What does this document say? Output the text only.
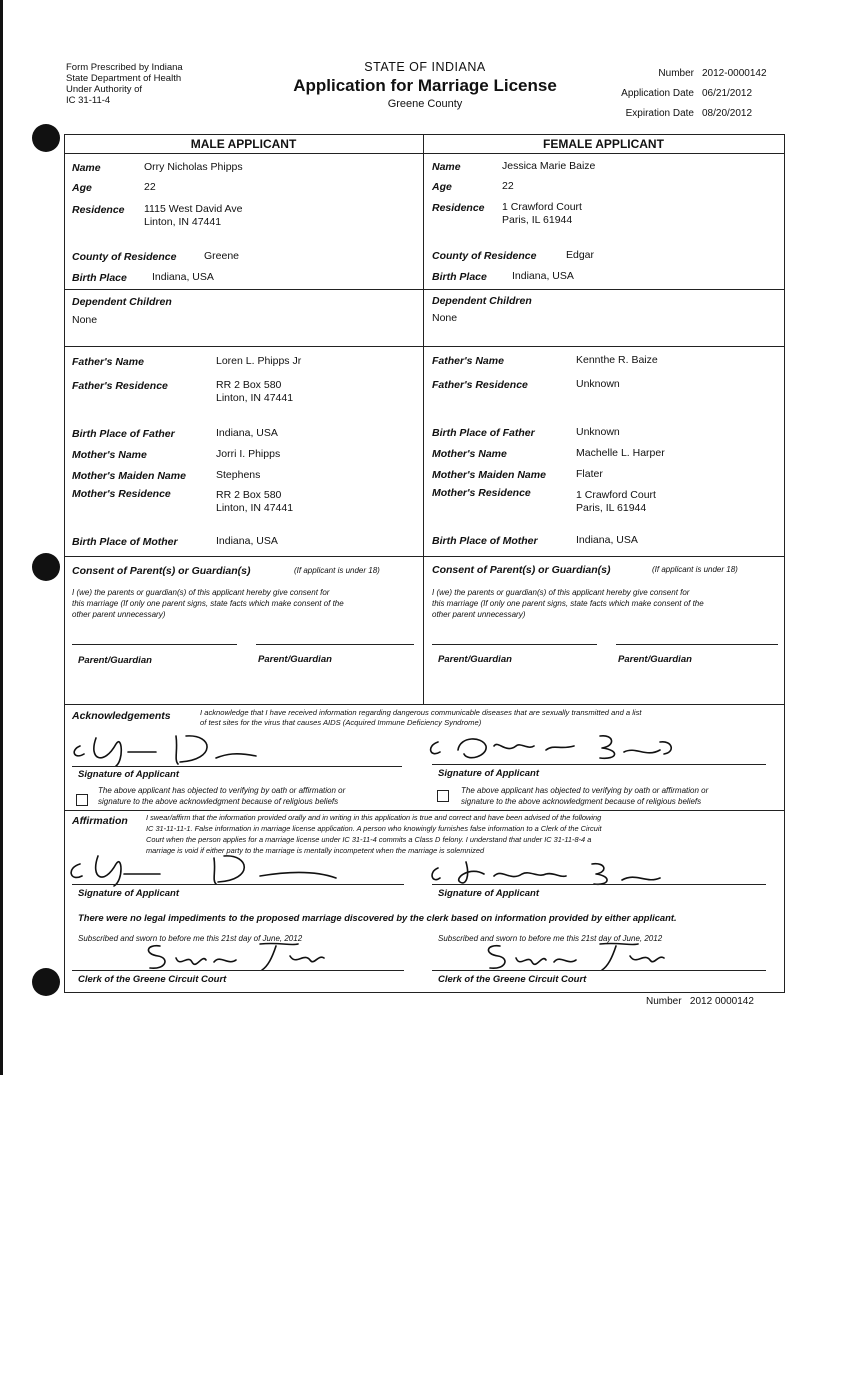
Form Prescribed by Indiana
State Department of Health
Under Authority of
IC 31-11-4
STATE OF INDIANA
Application for Marriage License
Greene County
Number 2012-0000142
Application Date 06/21/2012
Expiration Date 08/20/2012
MALE APPLICANT	FEMALE APPLICANT
Name	Orry Nicholas Phipps
Age	22
Residence 1115 West David Ave
Linton, IN 47441
County of Residence	Greene
Birth Place Indiana, USA
Dependent Children
None
Father's Name	Loren L. Phipps Jr
Father's Residence	RR 2 Box 580
Linton, IN 47441
Birth Place of Father	Indiana, USA
Mother's Name	Jorri I. Phipps
Mother's Maiden Name	Stephens
Mother's Residence	RR 2 Box 580
Linton, IN 47441
Birth Place of Mother	Indiana, USA
Name	Jessica Marie Baize
Age	22
Residence 1 Crawford Court
Paris, IL 61944
County of Residence	Edgar
Birth Place Indiana, USA
Dependent Children
None
Father's Name	Kennthe R. Baize
Father's Residence	Unknown
Birth Place of Father	Unknown
Mother's Name	Machelle L. Harper
Mother's Maiden Name	Flater
Mother's Residence	1 Crawford Court
Paris, IL 61944
Birth Place of Mother	Indiana, USA
Consent of Parent(s) or Guardian(s)	(If applicant is under 18)
I (we) the parents or guardian(s) of this applicant hereby give consent for
this marriage (If only one parent signs, state facts which make consent of the
other parent unnecessary)
Parent/Guardian	Parent/Guardian
Consent of Parent(s) or Guardian(s)	(If applicant is under 18)
I (we) the parents or guardian(s) of this applicant hereby give consent for
this marriage (If only one parent signs, state facts which make consent of the
other parent unnecessary)
Parent/Guardian	Parent/Guardian
Acknowledgements	I acknowledge that I have received information regarding dangerous communicable diseases that are sexually transmitted and a list
of test sites for the virus that causes AIDS (Acquired Immune Deficiency Syndrome)
Signature of Applicant	Signature of Applicant
The above applicant has objected to verifying by oath or affirmation or
signature to the above acknowledgment because of religious beliefs
The above applicant has objected to verifying by oath or affirmation or
signature to the above acknowledgment because of religious beliefs
Affirmation I swear/affirm that the information provided orally and in writing in this application is true and correct and have been advised of the following
IC 31-11-11-1. False information in marriage license application. A person who knowingly furnishes false information to a Clerk of the Circuit
Court when the person applies for a marriage license under IC 31-11-4 commits a Class D felony. I understand that under IC 31-11-8-4 a
marriage is void if either party to the marriage is mentally incompetent when the marriage is solemnized
Signature of Applicant	Signature of Applicant
There were no legal impediments to the proposed marriage discovered by the clerk based on information provided by either applicant.
Subscribed and sworn to before me this 21st day of June, 2012	Subscribed and sworn to before me this 21st day of June, 2012
Clerk of the Greene Circuit Court	Clerk of the Greene Circuit Court
Number 2012 0000142
